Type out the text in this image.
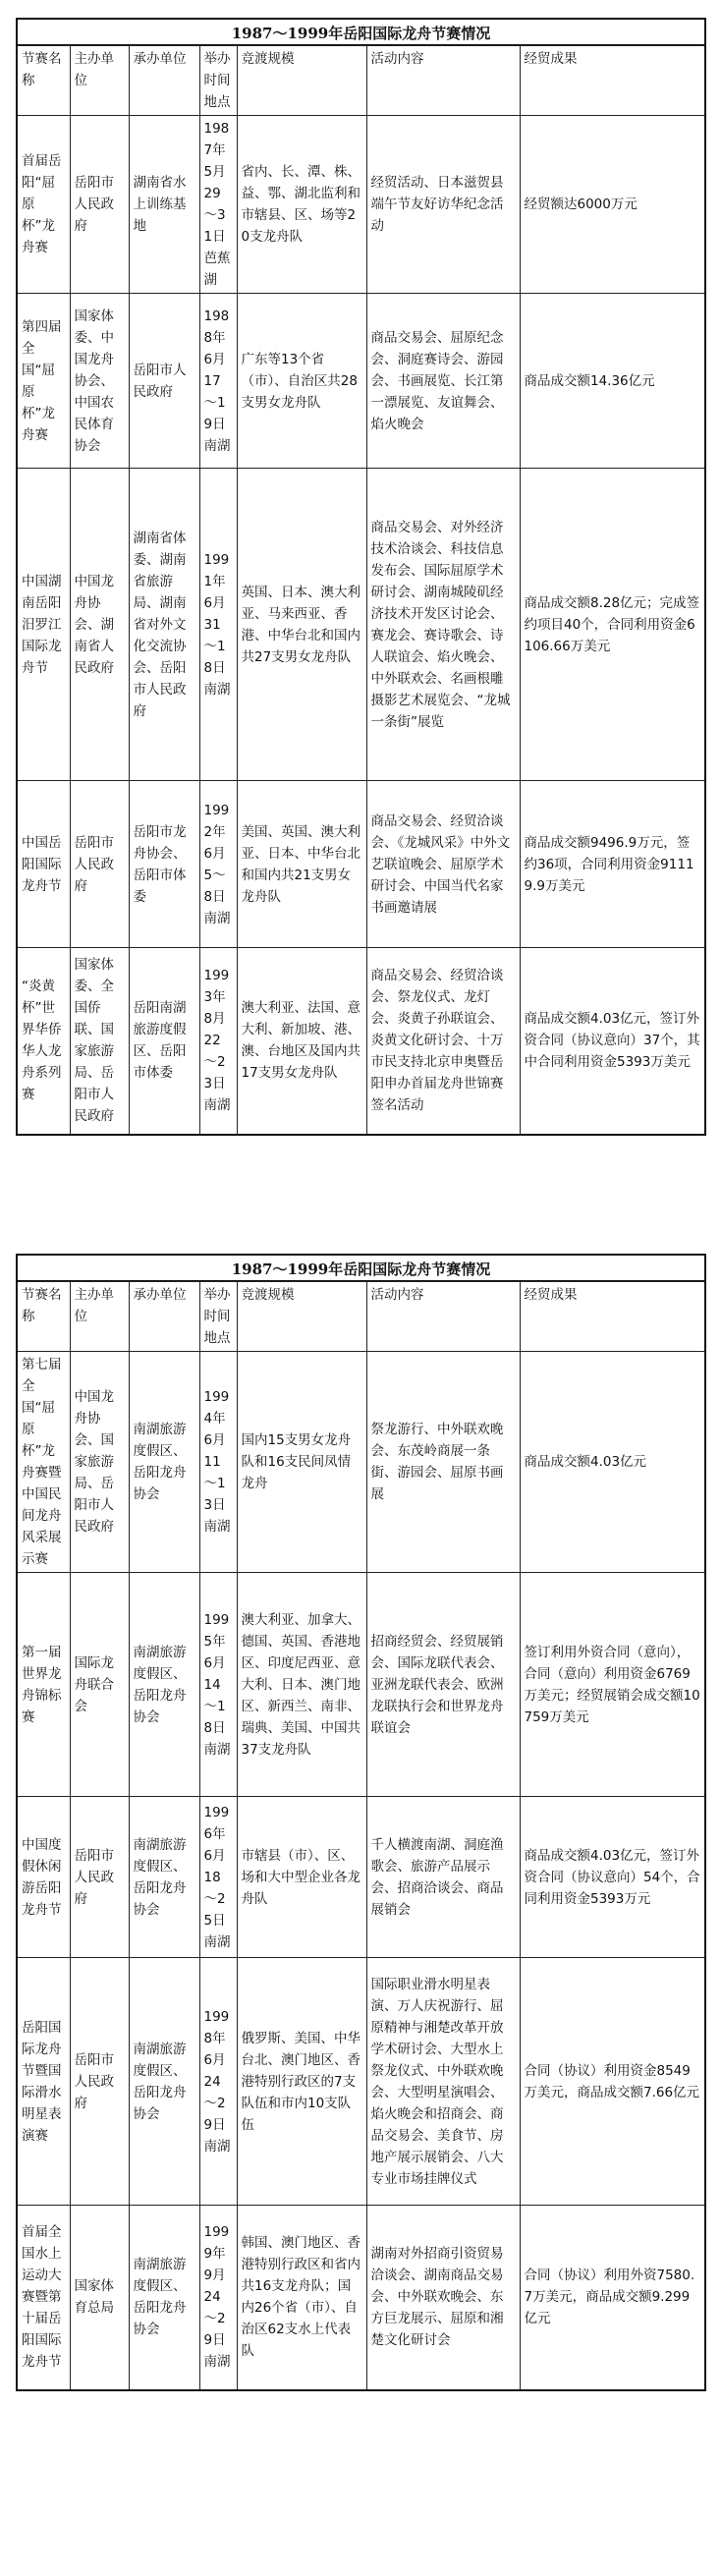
1987～1999年岳阳国际龙舟节赛情况
节赛名称	主办单位	承办单位	举办时间地点	竞渡规模	活动内容	经贸成果
首届岳阳“屈原杯”龙舟赛	岳阳市人民政府	湖南省水上训练基地	1987年5月29～31日芭蕉湖	省内、长、潭、株、益、鄂、湖北监利和市辖县、区、场等20支龙舟队	经贸活动、日本滋贺县端午节友好访华纪念活动	经贸额达6000万元
第四届全国“屈原杯”龙舟赛	国家体委、中国龙舟协会、中国农民体育协会	岳阳市人民政府	1988年6月17～19日南湖	广东等13个省（市）、自治区共28支男女龙舟队	商品交易会、屈原纪念会、洞庭赛诗会、游园会、书画展览、长江第一漂展览、友谊舞会、焰火晚会	商品成交额14.36亿元
中国湖南岳阳汨罗江国际龙舟节	中国龙舟协会、湖南省人民政府	湖南省体委、湖南省旅游局、湖南省对外文化交流协会、岳阳市人民政府	1991年6月31～18日南湖	英国、日本、澳大利亚、马来西亚、香港、中华台北和国内共27支男女龙舟队	商品交易会、对外经济技术洽谈会、科技信息发布会、国际屈原学术研讨会、湖南城陵矶经济技术开发区讨论会、赛龙会、赛诗歌会、诗人联谊会、焰火晚会、中外联欢会、名画根雕摄影艺术展览会、“龙城一条街”展览	商品成交额8.28亿元；完成签约项目40个，合同利用资金6106.66万美元
中国岳阳国际龙舟节	岳阳市人民政府	岳阳市龙舟协会、岳阳市体委	1992年6月5～8日南湖	美国、英国、澳大利亚、日本、中华台北和国内共21支男女龙舟队	商品交易会、经贸洽谈会、《龙城风采》中外文艺联谊晚会、屈原学术研讨会、中国当代名家书画邀请展	商品成交额9496.9万元，签约36项，合同利用资金91119.9万美元
“炎黄杯”世界华侨华人龙舟系列赛	国家体委、全国侨联、国家旅游局、岳阳市人民政府	岳阳南湖旅游度假区、岳阳市体委	1993年8月22～23日南湖	澳大利亚、法国、意大利、新加坡、港、澳、台地区及国内共17支男女龙舟队	商品交易会、经贸洽谈会、祭龙仪式、龙灯会、炎黄子孙联谊会、炎黄文化研讨会、十万市民支持北京申奥暨岳阳申办首届龙舟世锦赛签名活动	商品成交额4.03亿元，签订外资合同（协议意向）37个，其中合同利用资金5393万美元
1987～1999年岳阳国际龙舟节赛情况
节赛名称	主办单位	承办单位	举办时间地点	竞渡规模	活动内容	经贸成果
第七届全国“屈原杯”龙舟赛暨中国民间龙舟风采展示赛	中国龙舟协会、国家旅游局、岳阳市人民政府	南湖旅游度假区、岳阳龙舟协会	1994年6月11～13日南湖	国内15支男女龙舟队和16支民间凤情龙舟	祭龙游行、中外联欢晚会、东茂岭商展一条街、游园会、屈原书画展	商品成交额4.03亿元
第一届世界龙舟锦标赛	国际龙舟联合会	南湖旅游度假区、岳阳龙舟协会	1995年6月14～18日南湖	澳大利亚、加拿大、德国、英国、香港地区、印度尼西亚、意大利、日本、澳门地区、新西兰、南非、瑞典、美国、中国共37支龙舟队	招商经贸会、经贸展销会、国际龙联代表会、亚洲龙联代表会、欧洲龙联执行会和世界龙舟联谊会	签订利用外资合同（意向），合同（意向）利用资金6769万美元；经贸展销会成交额10759万美元
中国度假休闲游岳阳龙舟节	岳阳市人民政府	南湖旅游度假区、岳阳龙舟协会	1996年6月18～25日南湖	市辖县（市）、区、场和大中型企业各龙舟队	千人横渡南湖、洞庭渔歌会、旅游产品展示会、招商洽谈会、商品展销会	商品成交额4.03亿元，签订外资合同（协议意向）54个，合同利用资金5393万元
岳阳国际龙舟节暨国际滑水明星表演赛	岳阳市人民政府	南湖旅游度假区、岳阳龙舟协会	1998年6月24～29日南湖	俄罗斯、美国、中华台北、澳门地区、香港特别行政区的7支队伍和市内10支队伍	国际职业滑水明星表演、万人庆祝游行、屈原精神与湘楚改革开放学术研讨会、大型水上祭龙仪式、中外联欢晚会、大型明星演唱会、焰火晚会和招商会、商品交易会、美食节、房地产展示展销会、八大专业市场挂牌仪式	合同（协议）利用资金8549万美元，商品成交额7.66亿元
首届全国水上运动大赛暨第十届岳阳国际龙舟节	国家体育总局	南湖旅游度假区、岳阳龙舟协会	1999年9月24～29日南湖	韩国、澳门地区、香港特别行政区和省内共16支龙舟队；国内26个省（市）、自治区62支水上代表队	湖南对外招商引资贸易洽谈会、湖南商品交易会、中外联欢晚会、东方巨龙展示、屈原和湘楚文化研讨会	合同（协议）利用外资7580.7万美元，商品成交额9.299亿元
